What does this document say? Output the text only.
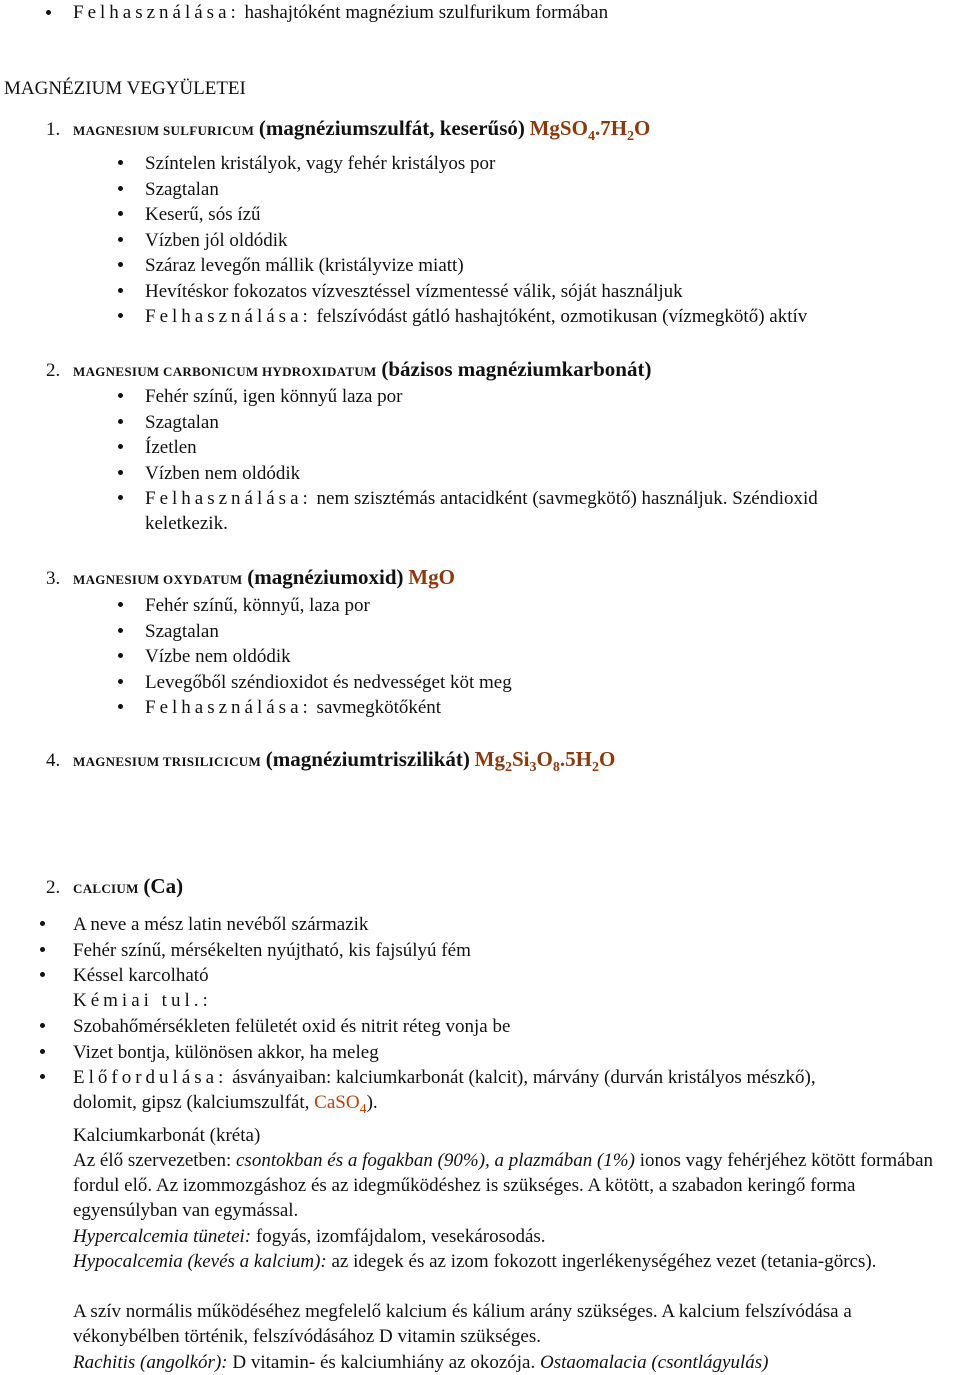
Felhasználása: hashajtóként magnézium szulfurikum formában
MAGNÉZIUM VEGYÜLETEI
1. MAGNESIUM SULFURICUM (magnéziumszulfát, keserűsó) $MgSO_4.7H_2O$
Színtelen kristályok, vagy fehér kristályos por
Szagtalan
Keserű, sós ízű
Vízben jól oldódik
Száraz levegőn mállik (kristályvize miatt)
Hevítéskor fokozatos vízvesztéssel vízmentessé válik, sóját használjuk
Felhasználása: felszívódást gátló hashajtóként, ozmotikusan (vízmegkötő) aktív
2. MAGNESIUM CARBONICUM HYDROXIDATUM (bázisos magnéziumkarbonát)
Fehér színű, igen könnyű laza por
Szagtalan
Ízetlen
Vízben nem oldódik
Felhasználása: nem szisztémás antacidként (savmegkötő) használjuk. Széndioxid
keletkezik.
3. MAGNESIUM OXYDATUM (magnéziumoxid) MgO
Fehér színű, könnyű, laza por
Szagtalan
Vízbe nem oldódik
Levegőből széndioxidot és nedvességet köt meg
Felhasználása: savmegkötőként
4. MAGNESIUM TRISILICICUM (magnéziumtriszilikát) $Mg_2Si_3O_8.5H_2O$
2. CALCIUM (Ca)
A neve a mész latin nevéből származik
Fehér színű, mérsékelten nyújtható, kis fajsúlyú fém
Késsel karcolható
Kémiai tul.:
Szobahőmérsékleten felületét oxid és nitrit réteg vonja be
Vizet bontja, különösen akkor, ha meleg
Előfordulása: ásványaiban: kalciumkarbonát (kalcit), márvány (durván kristályos mészkő),
dolomit, gipsz (kalciumszulfát, CaSO$_4$).
Kalciumkarbonát (kréta)
Az élő szervezetben: csontokban és a fogakban (90%), a plazmában (1%) ionos vagy fehérjéhez kötött formában fordul elő. Az izommozgáshoz és az idegműködéshez is szükséges. A kötött, a szabadon keringő forma egyensúlyban van egymással.
Hypercalcemia tünetei: fogyás, izomfájdalom, vesekárosodás.
Hypocalcemia (kevés a kalcium): az idegek és az izom fokozott ingerlékenységéhez vezet (tetania-görcs).
A szív normális működéséhez megfelelő kalcium és kálium arány szükséges. A kalcium felszívódása a vékonybélben történik, felszívódásához D vitamin szükséges.
Rachitis (angolkór): D vitamin- és kalciumhiány az okozója. Ostaomalacia (csontlágyulás)
